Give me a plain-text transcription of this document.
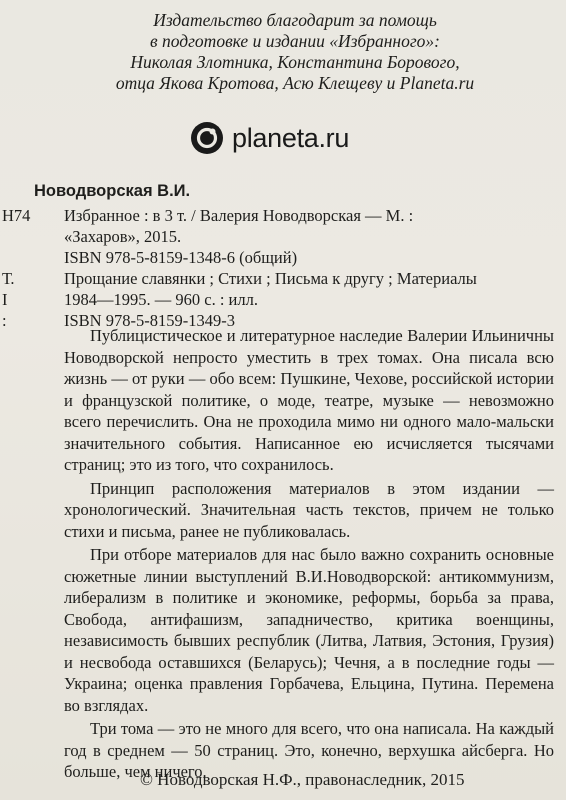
Издательство благодарит за помощь
в подготовке и издании «Избранного»:
Николая Злотника, Константина Борового,
отца Якова Кротова, Асю Клещеву и Planeta.ru
planeta.ru
Новодворская В.И.
Н74 Избранное : в 3 т. / Валерия Новодворская — М. :

«Захаров», 2015.

ISBN 978-5-8159-1348-6 (общий)

Т. I :

Прощание славянки ; Стихи ; Письма к другу ; Материалы

1984—1995. — 960 с. : илл.

ISBN 978-5-8159-1349-3

Публицистическое и литературное наследие Валерии Ильиничны Новодворской непросто уместить в трех томах. Она писала всю жизнь — от руки — обо всем: Пушкине, Чехове, российской истории и французской политике, о моде, театре, музыке — невозможно всего перечислить. Она не проходила мимо ни одного мало-мальски значительного события. Написанное ею исчисляется тысячами страниц; это из того, что сохранилось.

Принцип расположения материалов в этом издании — хронологический. Значительная часть текстов, причем не только стихи и письма, ранее не публиковалась.

При отборе материалов для нас было важно сохранить основные сюжетные линии выступлений В.И.Новодворской: антикоммунизм, либерализм в политике и экономике, реформы, борьба за права, Свобода, антифашизм, западничество, критика военщины, независимость бывших республик (Литва, Латвия, Эстония, Грузия) и несвобода оставшихся (Беларусь); Чечня, а в последние годы — Украина; оценка правления Горбачева, Ельцина, Путина. Перемена во взглядах.

Три тома — это не много для всего, что она написала. На каждый год в среднем — 50 страниц. Это, конечно, верхушка айсберга. Но больше, чем ничего.

© Новодворская Н.Ф., правонаследник, 2015
